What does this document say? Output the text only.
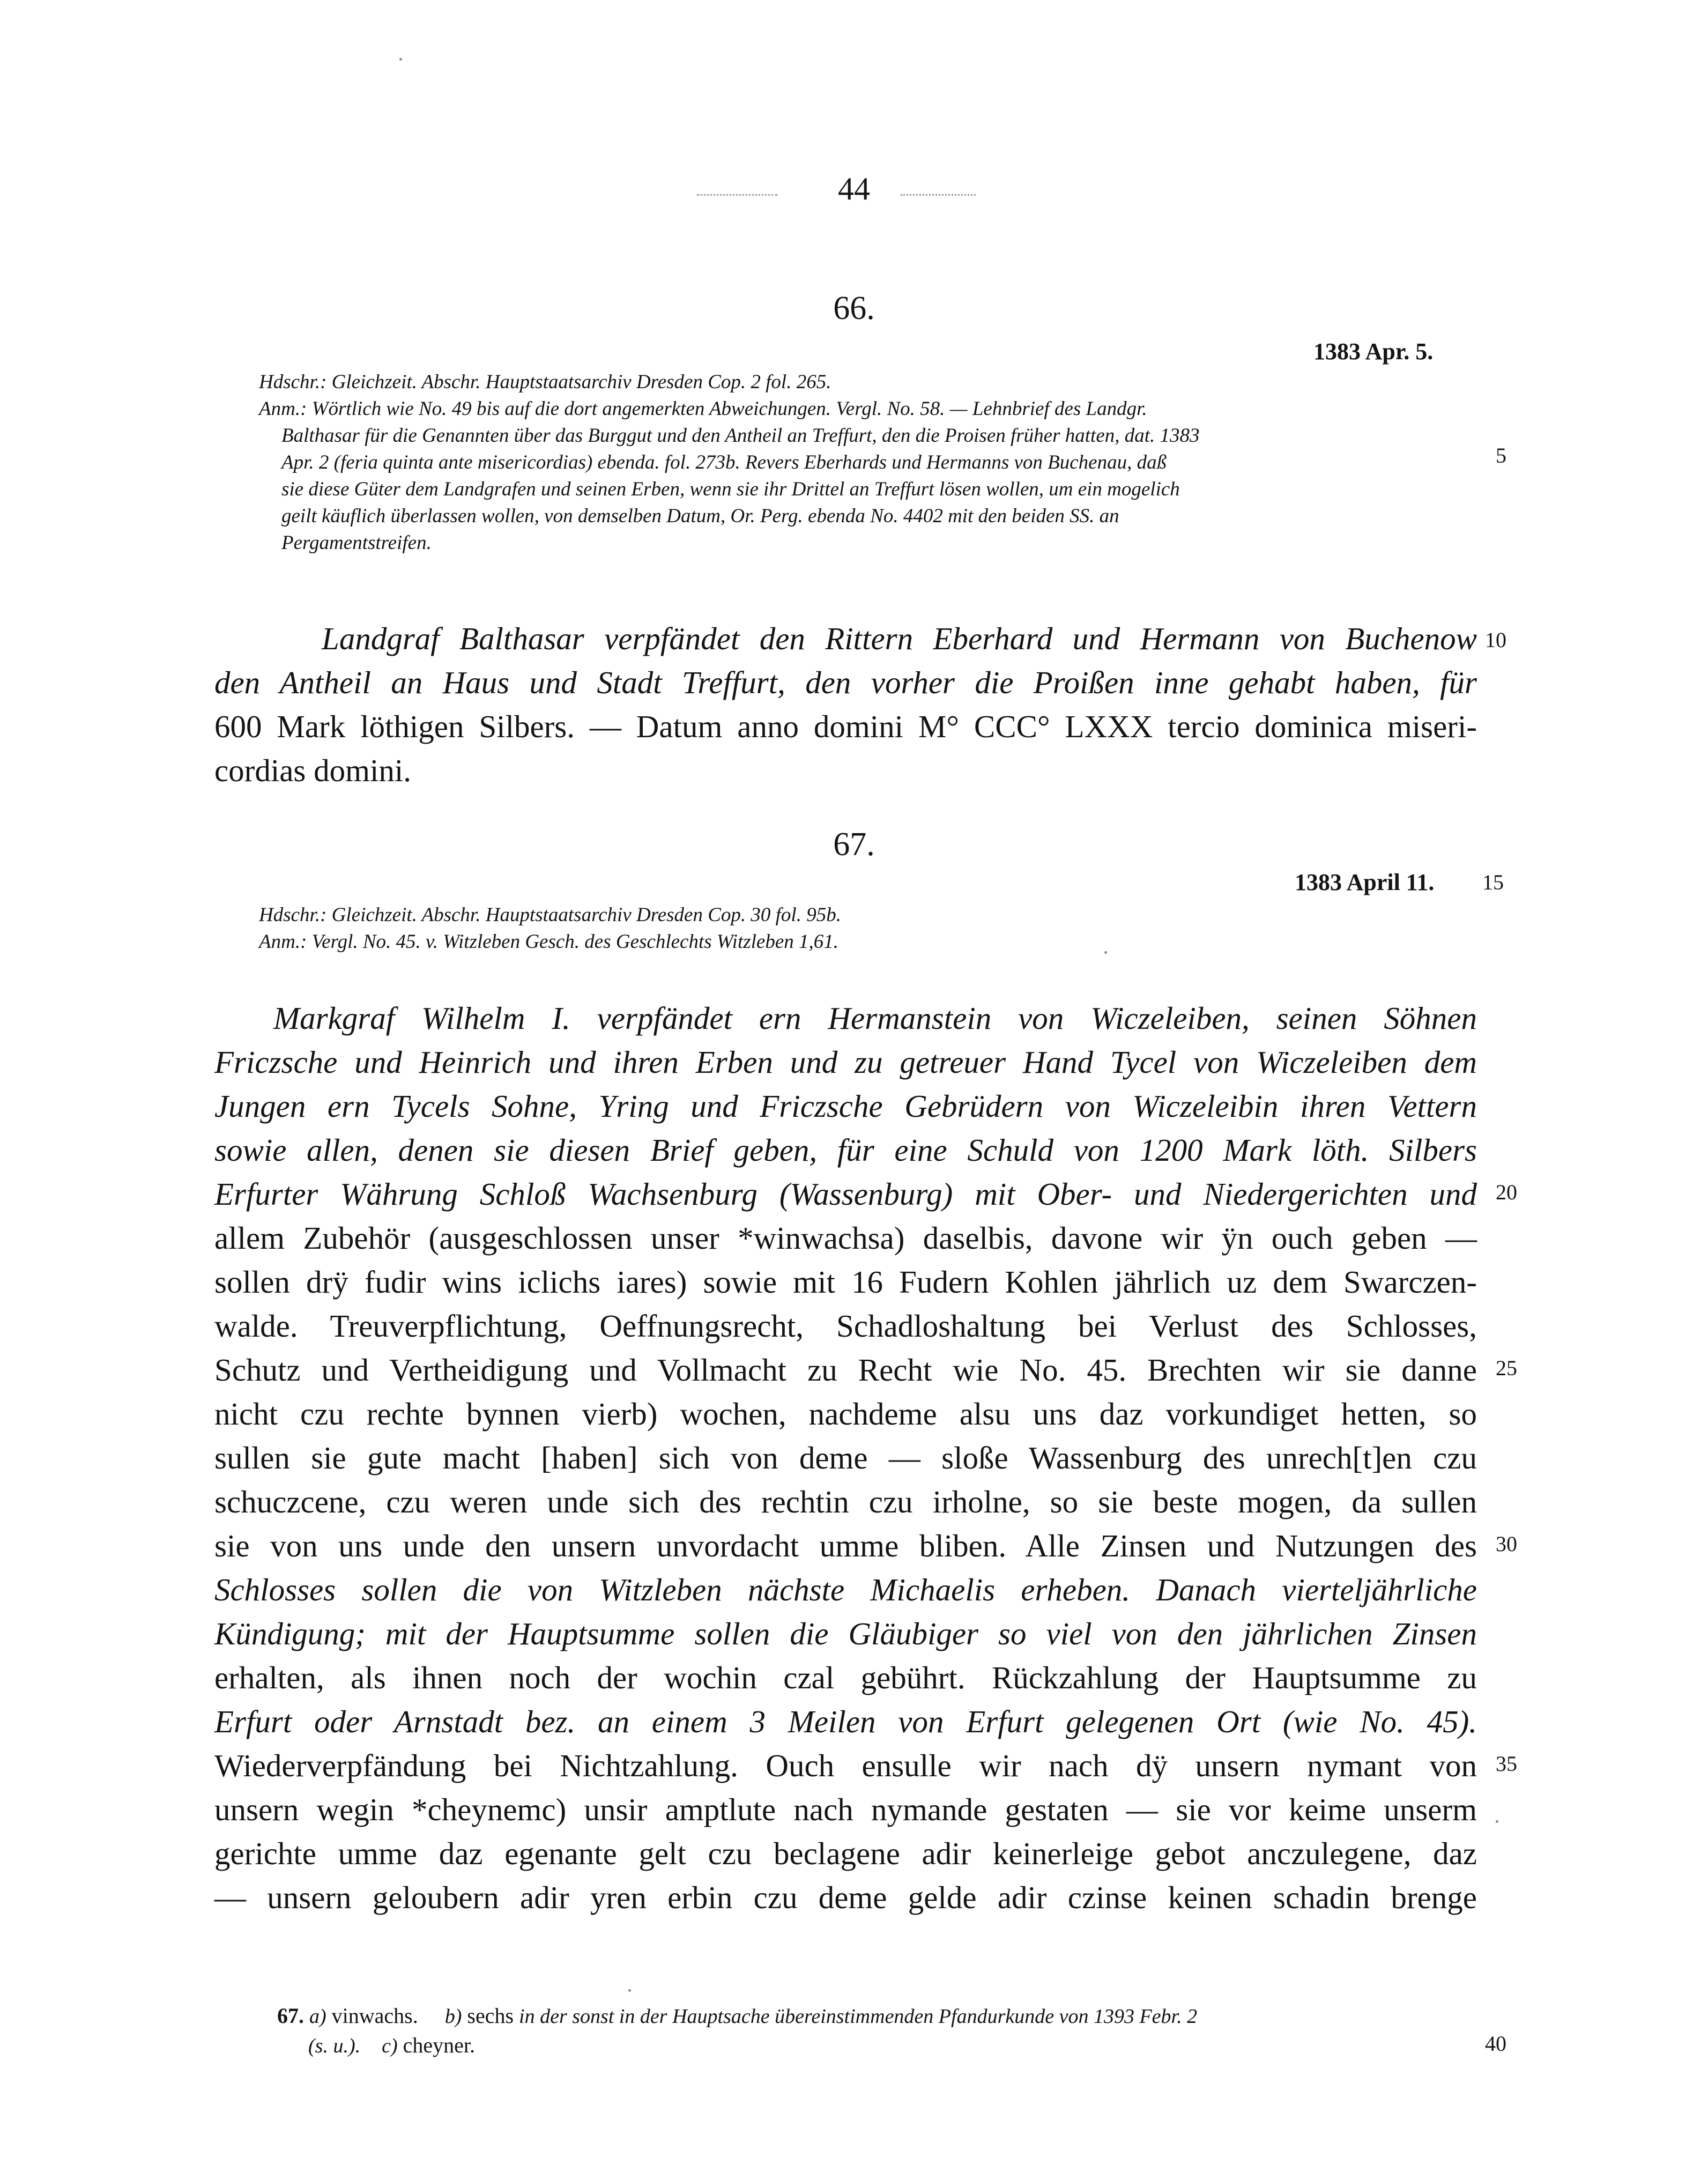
44
66.
1383 Apr. 5.
Hdschr.: Gleichzeit. Abschr. Hauptstaatsarchiv Dresden Cop. 2 fol. 265.
Anm.: Wörtlich wie No. 49 bis auf die dort angemerkten Abweichungen. Vergl. No. 58. — Lehnbrief des Landgr.
Balthasar für die Genannten über das Burggut und den Antheil an Treffurt, den die Proisen früher hatten, dat. 1383
Apr. 2 (feria quinta ante misericordias) ebenda. fol. 273b. Revers Eberhards und Hermanns von Buchenau, daß
sie diese Güter dem Landgrafen und seinen Erben, wenn sie ihr Drittel an Treffurt lösen wollen, um ein mogelich
geilt käuflich überlassen wollen, von demselben Datum, Or. Perg. ebenda No. 4402 mit den beiden SS. an
Pergamentstreifen.
5
Landgraf Balthasar verpfändet den Rittern Eberhard und Hermann von Buchenow
den Antheil an Haus und Stadt Treffurt, den vorher die Proißen inne gehabt haben, für
600 Mark löthigen Silbers. — Datum anno domini M° CCC° LXXX tercio dominica miseri-
cordias domini.
10
67.
1383 April 11. 15
Hdschr.: Gleichzeit. Abschr. Hauptstaatsarchiv Dresden Cop. 30 fol. 95b.
Anm.: Vergl. No. 45. v. Witzleben Gesch. des Geschlechts Witzleben 1,61.
Markgraf Wilhelm I. verpfändet ern Hermanstein von Wiczeleiben, seinen Söhnen
Friczsche und Heinrich und ihren Erben und zu getreuer Hand Tycel von Wiczeleiben dem
Jungen ern Tycels Sohne, Yring und Friczsche Gebrüdern von Wiczeleibin ihren Vettern
sowie allen, denen sie diesen Brief geben, für eine Schuld von 1200 Mark löth. Silbers
Erfurter Währung Schloß Wachsenburg (Wassenburg) mit Ober- und Niedergerichten und
allem Zubehör (ausgeschlossen unser *winwachsa) daselbis, davone wir ÿn ouch geben —
sollen drÿ fudir wins iclichs iares) sowie mit 16 Fudern Kohlen jährlich uz dem Swarczen-
walde. Treuverpflichtung, Oeffnungsrecht, Schadloshaltung bei Verlust des Schlosses,
Schutz und Vertheidigung und Vollmacht zu Recht wie No. 45. Brechten wir sie danne
nicht czu rechte bynnen vierb) wochen, nachdeme alsu uns daz vorkundiget hetten, so
sullen sie gute macht [haben] sich von deme — sloße Wassenburg des unrech[t]en czu
schuczcene, czu weren unde sich des rechtin czu irholne, so sie beste mogen, da sullen
sie von uns unde den unsern unvordacht umme bliben. Alle Zinsen und Nutzungen des
Schlosses sollen die von Witzleben nächste Michaelis erheben. Danach vierteljährliche
Kündigung; mit der Hauptsumme sollen die Gläubiger so viel von den jährlichen Zinsen
erhalten, als ihnen noch der wochin czal gebührt. Rückzahlung der Hauptsumme zu
Erfurt oder Arnstadt bez. an einem 3 Meilen von Erfurt gelegenen Ort (wie No. 45).
Wiederverpfändung bei Nichtzahlung. Ouch ensulle wir nach dÿ unsern nymant von
unsern wegin *cheynemc) unsir amptlute nach nymande gestaten — sie vor keime unserm
gerichte umme daz egenante gelt czu beclagene adir keinerleige gebot anczulegene, daz
— unsern geloubern adir yren erbin czu deme gelde adir czinse keinen schadin brenge
20
25
30
35
67. a) vinwachs. b) sechs in der sonst in der Hauptsache übereinstimmenden Pfandurkunde von 1393 Febr. 2
(s. u.). c) cheyner.	40
